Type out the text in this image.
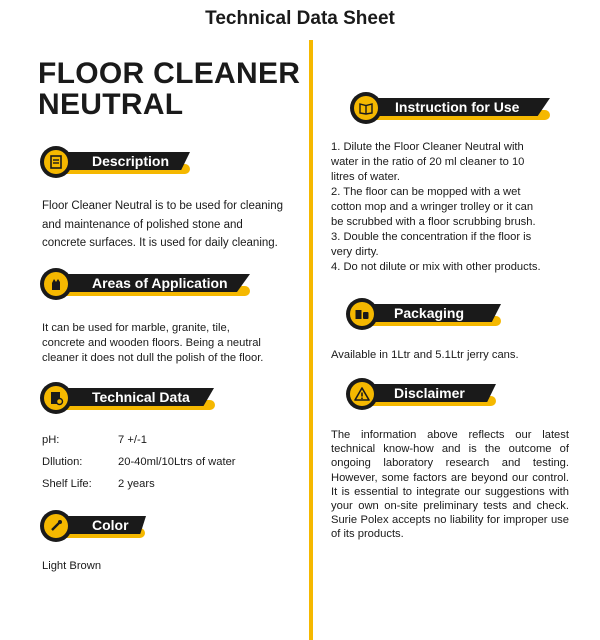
Technical Data Sheet
FLOOR CLEANER
NEUTRAL
Description
Floor Cleaner Neutral is to be used for cleaning
and maintenance of polished stone and
concrete surfaces. It is used for daily cleaning.
Areas of Application
It can be used for marble, granite, tile,
concrete and wooden floors. Being a neutral
cleaner it does not dull the polish of the floor.
Technical Data
pH:	7 +/-1
Dllution:	20-40ml/10Ltrs of water
Shelf Life: 2 years
Color
Light Brown
Instruction for Use
1. Dilute the Floor Cleaner Neutral with
water in the ratio of 20 ml cleaner to 10
litres of water.
2. The floor can be mopped with a wet
cotton mop and a wringer trolley or it can
be scrubbed with a floor scrubbing brush.
3. Double the concentration if the floor is
very dirty.
4. Do not dilute or mix with other products.
Packaging
Available in 1Ltr and 5.1Ltr jerry cans.
Disclaimer
The information above reflects our latest technical know-how and is the outcome of ongoing laboratory research and testing. However, some factors are beyond our control. It is essential to integrate our suggestions with your own on-site preliminary tests and check. Surie Polex accepts no liability for improper use of its products.
